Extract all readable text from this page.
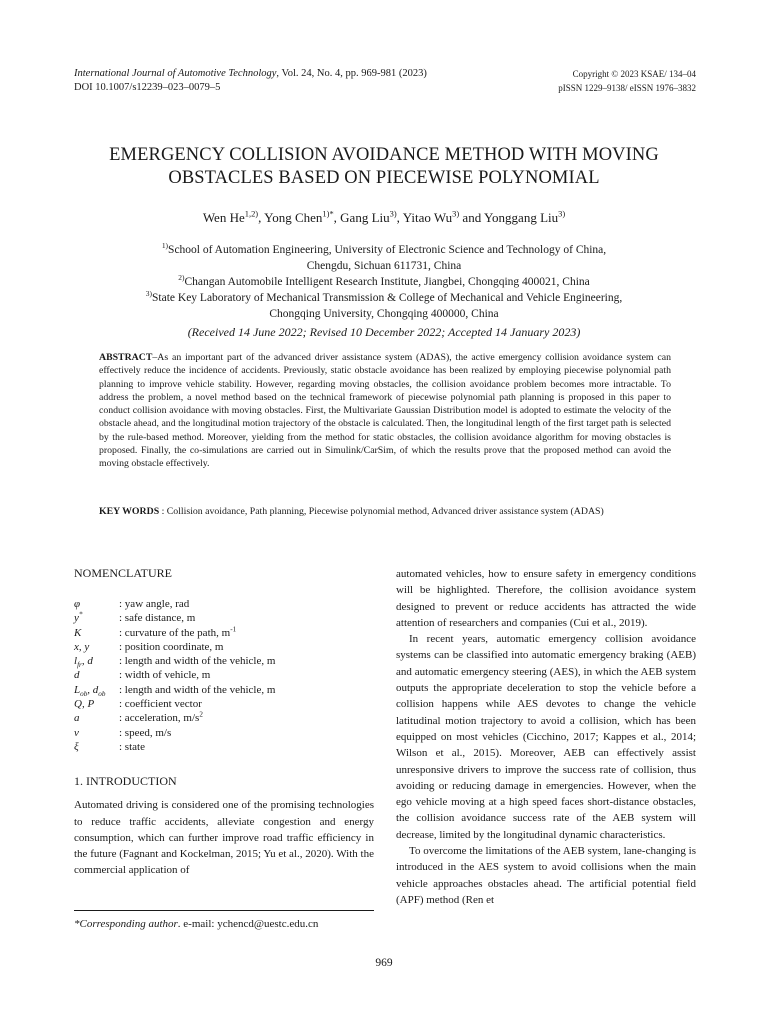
International Journal of Automotive Technology, Vol. 24, No. 4, pp. 969-981 (2023)
DOI 10.1007/s12239–023–0079–5
Copyright © 2023 KSAE/ 134–04
pISSN 1229–9138/ eISSN 1976–3832
EMERGENCY COLLISION AVOIDANCE METHOD WITH MOVING OBSTACLES BASED ON PIECEWISE POLYNOMIAL
Wen He$^{1,2)}$, Yong Chen$^{1)*}$, Gang Liu$^{3)}$, Yitao Wu$^{3)}$ and Yonggang Liu$^{3)}$
$^{1)}$School of Automation Engineering, University of Electronic Science and Technology of China,
Chengdu, Sichuan 611731, China
$^{2)}$Changan Automobile Intelligent Research Institute, Jiangbei, Chongqing 400021, China
$^{3)}$State Key Laboratory of Mechanical Transmission & College of Mechanical and Vehicle Engineering,
Chongqing University, Chongqing 400000, China
(Received 14 June 2022; Revised 10 December 2022; Accepted 14 January 2023)

ABSTRACT–As an important part of the advanced driver assistance system (ADAS), the active emergency collision avoidance system can effectively reduce the incidence of accidents. Previously, static obstacle avoidance has been realized by employing piecewise polynomial path planning to improve vehicle stability. However, regarding moving obstacles, the collision avoidance problem becomes more intractable. To address the problem, a novel method based on the technical framework of piecewise polynomial path planning is proposed in this paper to conduct collision avoidance with moving obstacles. First, the Multivariate Gaussian Distribution model is adopted to estimate the velocity of the obstacle ahead, and the longitudinal motion trajectory of the obstacle is calculated. Then, the longitudinal length of the first target path is selected by the rule-based method. Moreover, yielding from the method for static obstacles, the collision avoidance algorithm for moving obstacles is proposed. Finally, the co-simulations are carried out in Simulink/CarSim, of which the results prove that the proposed method can avoid the moving obstacle effectively.

KEY WORDS : Collision avoidance, Path planning, Piecewise polynomial method, Advanced driver assistance system (ADAS)

NOMENCLATURE
φ	: yaw angle, rad
y*	: safe distance, m
K	: curvature of the path, $m^{-1}$
x, y	: position coordinate, m
$l_{fr}$, d	: length and width of the vehicle, m
d	: width of vehicle, m
$L_{ob}$, $d_{ob}$	: length and width of the vehicle, m
Q, P	: coefficient vector
a	: acceleration, $m/s^2$
v	: speed, m/s
ξ	: state
1. INTRODUCTION

Automated driving is considered one of the promising technologies to reduce traffic accidents, alleviate congestion and energy consumption, which can further improve road traffic efficiency in the future (Fagnant and Kockelman, 2015; Yu et al., 2020). With the commercial application of

automated vehicles, how to ensure safety in emergency conditions will be highlighted. Therefore, the collision avoidance system designed to prevent or reduce accidents has attracted the wide attention of researchers and companies (Cui et al., 2019).

In recent years, automatic emergency collision avoidance systems can be classified into automatic emergency braking (AEB) and automatic emergency steering (AES), in which the AEB system outputs the appropriate deceleration to stop the vehicle before a collision happens while AES devotes to change the vehicle latitudinal motion trajectory to avoid a collision, which has been equipped on most vehicles (Cicchino, 2017; Kappes et al., 2014; Wilson et al., 2015). Moreover, AEB can effectively assist unresponsive drivers to improve the success rate of collision, thus avoiding or reducing damage in emergencies. However, when the ego vehicle moving at a high speed faces short-distance obstacles, the collision avoidance success rate of the AEB system will decrease, limited by the longitudinal dynamic characteristics.

To overcome the limitations of the AEB system, lane-changing is introduced in the AES system to avoid collisions when the main vehicle approaches obstacles ahead. The artificial potential field (APF) method (Ren et

*Corresponding author. e-mail: ychencd@uestc.edu.cn
969
